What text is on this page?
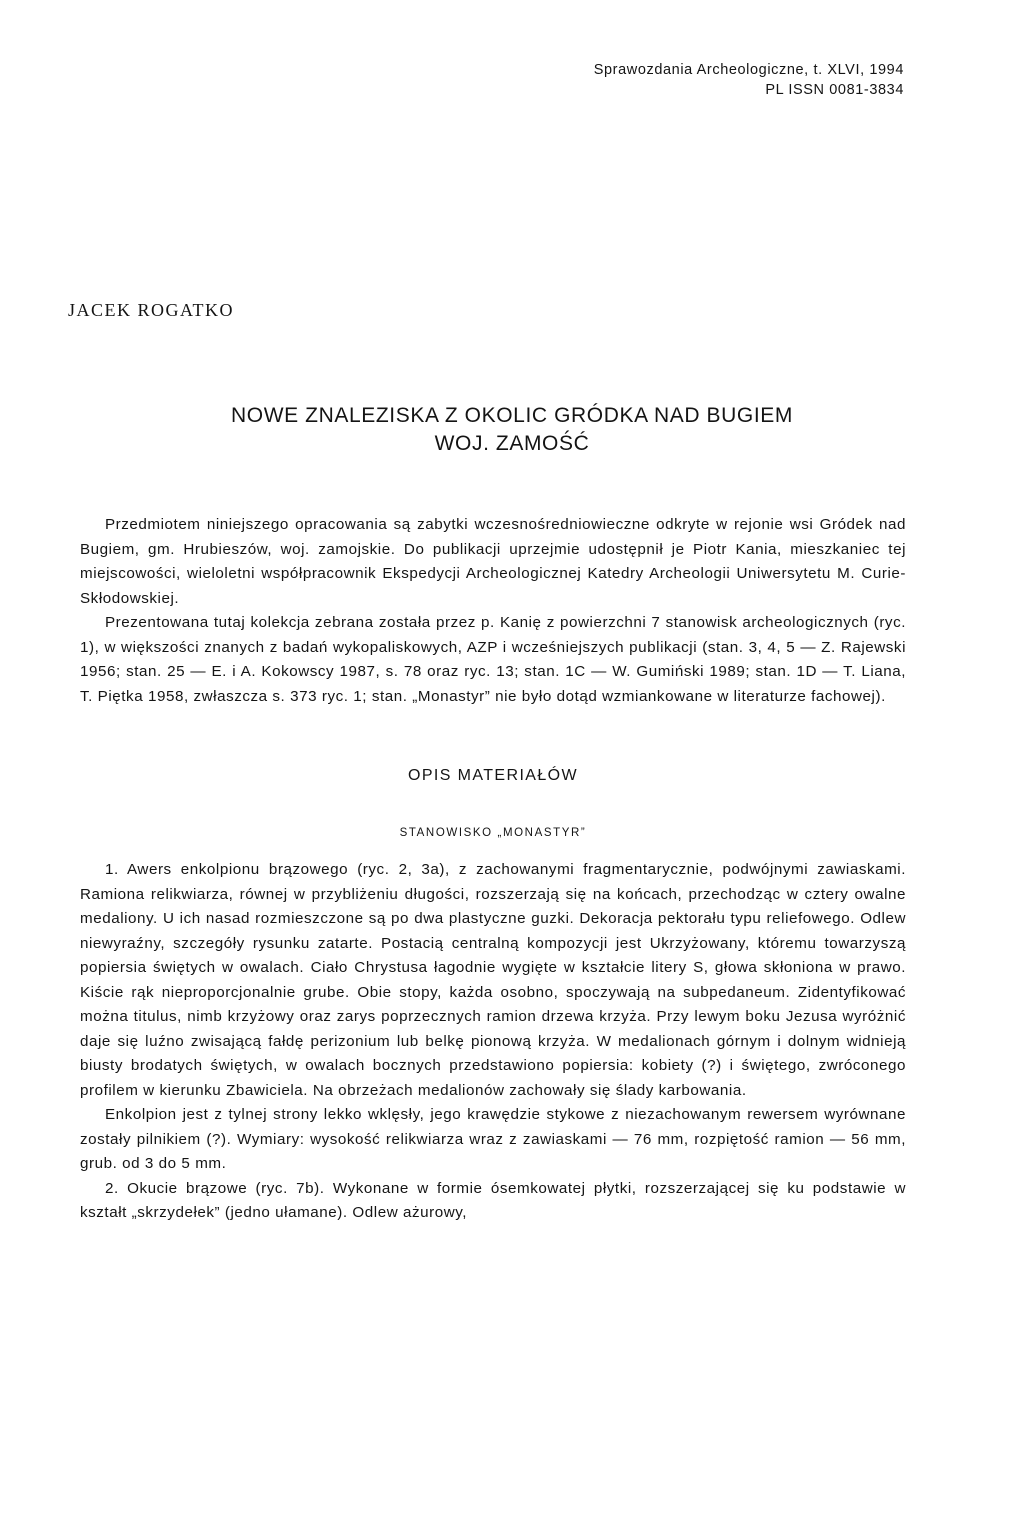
Sprawozdania Archeologiczne, t. XLVI, 1994
PL ISSN 0081-3834
JACEK ROGATKO
NOWE ZNALEZISKA Z OKOLIC GRÓDKA NAD BUGIEM
WOJ. ZAMOŚĆ

Przedmiotem niniejszego opracowania są zabytki wczesnośredniowieczne odkryte w rejonie wsi Gródek nad Bugiem, gm. Hrubieszów, woj. zamojskie. Do publikacji uprzejmie udostępnił je Piotr Kania, mieszkaniec tej miejscowości, wieloletni współpracownik Ekspedycji Archeologicznej Katedry Archeologii Uniwersytetu M. Curie-Skłodowskiej.

Prezentowana tutaj kolekcja zebrana została przez p. Kanię z powierzchni 7 stanowisk archeologicznych (ryc. 1), w większości znanych z badań wykopaliskowych, AZP i wcześniejszych publikacji (stan. 3, 4, 5 — Z. Rajewski 1956; stan. 25 — E. i A. Kokowscy 1987, s. 78 oraz ryc. 13; stan. 1C — W. Gumiński 1989; stan. 1D — T. Liana, T. Piętka 1958, zwłaszcza s. 373 ryc. 1; stan. „Monastyr” nie było dotąd wzmiankowane w literaturze fachowej).

OPIS MATERIAŁÓW
STANOWISKO „MONASTYR”

1. Awers enkolpionu brązowego (ryc. 2, 3a), z zachowanymi fragmentarycznie, podwójnymi zawiaskami. Ramiona relikwiarza, równej w przybliżeniu długości, rozszerzają się na końcach, przechodząc w cztery owalne medaliony. U ich nasad rozmieszczone są po dwa plastyczne guzki. Dekoracja pektorału typu reliefowego. Odlew niewyraźny, szczegóły rysunku zatarte. Postacią centralną kompozycji jest Ukrzyżowany, któremu towarzyszą popiersia świętych w owalach. Ciało Chrystusa łagodnie wygięte w kształcie litery S, głowa skłoniona w prawo. Kiście rąk nieproporcjonalnie grube. Obie stopy, każda osobno, spoczywają na subpedaneum. Zidentyfikować można titulus, nimb krzyżowy oraz zarys poprzecznych ramion drzewa krzyża. Przy lewym boku Jezusa wyróżnić daje się luźno zwisającą fałdę perizonium lub belkę pionową krzyża. W medalionach górnym i dolnym widnieją biusty brodatych świętych, w owalach bocznych przedstawiono popiersia: kobiety (?) i świętego, zwróconego profilem w kierunku Zbawiciela. Na obrzeżach medalionów zachowały się ślady karbowania.

Enkolpion jest z tylnej strony lekko wklęsły, jego krawędzie stykowe z niezachowanym rewersem wyrównane zostały pilnikiem (?). Wymiary: wysokość relikwiarza wraz z zawiaskami — 76 mm, rozpiętość ramion — 56 mm, grub. od 3 do 5 mm.

2. Okucie brązowe (ryc. 7b). Wykonane w formie ósemkowatej płytki, rozszerzającej się ku podstawie w kształt „skrzydełek” (jedno ułamane). Odlew ażurowy,
